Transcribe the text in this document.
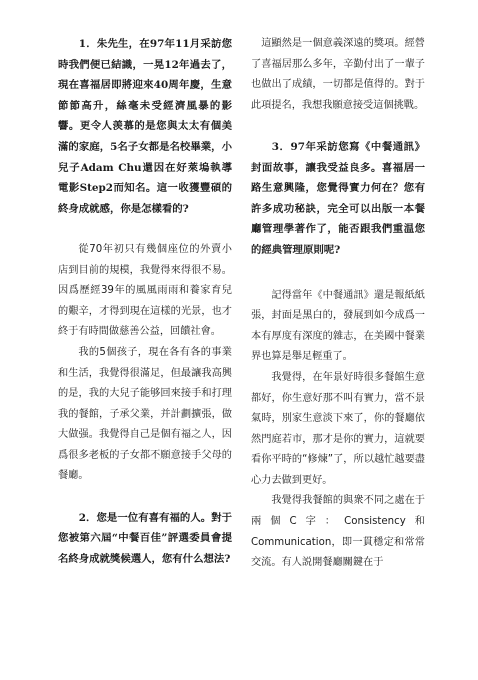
1．朱先生，在97年11月采訪您時我們便已結識，一晃12年過去了，現在喜福居即將迎來40周年慶，生意節節高升，絲毫未受經濟風暴的影響。更令人羡慕的是您與太太有個美滿的家庭，5名子女都是名校畢業，小兒子Adam Chu還因在好萊塢執導電影Step2而知名。這一收獲豐碩的終身成就感，你是怎樣看的?

從70年初只有幾個座位的外賣小店到目前的規模，我覺得來得很不易。因爲歷經39年的風風雨雨和養家育兒的艱辛，才得到現在這樣的光景，也才終于有時間做慈善公益，回饋社會。

我的5個孩子，現在各有各的事業和生活，我覺得很滿足，但最讓我高興的是，我的大兒子能够回來接手和打理我的餐館，子承父業，并計劃擴張，做大做强。我覺得自己是個有福之人，因爲很多老板的子女都不願意接手父母的餐廳。

2．您是一位有喜有福的人。對于您被第六屆“中餐百佳”評選委員會提名終身成就獎候選人，您有什么想法?

這顯然是一個意義深遠的獎項。經營了喜福居那么多年，辛勤付出了一輩子也做出了成績，一切都是值得的。對于此項提名，我想我願意接受這個挑戰。

3．97年采訪您寫《中餐通訊》封面故事，讓我受益良多。喜福居一路生意興隆，您覺得實力何在？您有許多成功秘訣，完全可以出版一本餐廳管理學著作了，能否跟我們重温您的經典管理原則呢?

記得當年《中餐通訊》還是報紙紙張，封面是黑白的，發展到如今成爲一本有厚度有深度的雜志，在美國中餐業界也算是舉足輕重了。

我覺得，在年景好時很多餐館生意都好，你生意好那不叫有實力，當不景氣時，別家生意淡下來了，你的餐廳依然門庭若市，那才是你的實力，這就要看你平時的“修煉”了，所以越忙越要盡心力去做到更好。

我覺得我餐館的與衆不同之處在于兩個C字：Consistency和Communication，即一貫穩定和常常交流。有人説開餐廳關鍵在于
